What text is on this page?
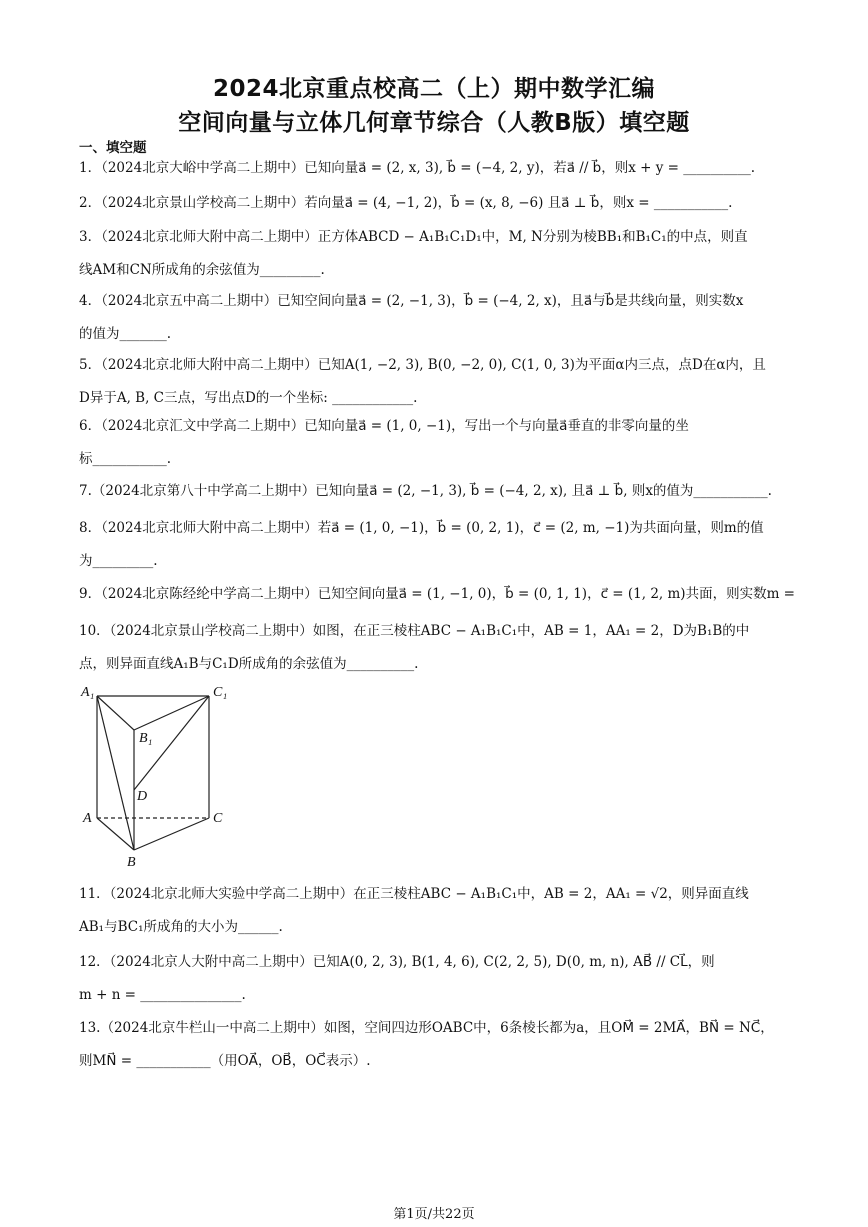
2024北京重点校高二（上）期中数学汇编
空间向量与立体几何章节综合（人教B版）填空题
一、填空题
1．（2024北京大峪中学高二上期中）已知向量a⃗ = (2, x, 3), b⃗ = (−4, 2, y)，若a⃗ // b⃗，则x + y = __________.
2．（2024北京景山学校高二上期中）若向量a⃗ = (4, −1, 2)，b⃗ = (x, 8, −6) 且a⃗ ⊥ b⃗，则x = ___________.
3．（2024北京北师大附中高二上期中）正方体ABCD − A₁B₁C₁D₁中，M, N分别为棱BB₁和B₁C₁的中点，则直
线AM和CN所成角的余弦值为_________.
4．（2024北京五中高二上期中）已知空间向量a⃗ = (2, −1, 3)，b⃗ = (−4, 2, x)，且a⃗与b⃗是共线向量，则实数x
的值为_______.
5．（2024北京北师大附中高二上期中）已知A(1, −2, 3), B(0, −2, 0), C(1, 0, 3)为平面α内三点，点D在α内，且
D异于A, B, C三点，写出点D的一个坐标: ____________.
6．（2024北京汇文中学高二上期中）已知向量a⃗ = (1, 0, −1)，写出一个与向量a⃗垂直的非零向量的坐
标___________.
7.（2024北京第八十中学高二上期中）已知向量a⃗ = (2, −1, 3), b⃗ = (−4, 2, x), 且a⃗ ⊥ b⃗, 则x的值为___________.
8．（2024北京北师大附中高二上期中）若a⃗ = (1, 0, −1)，b⃗ = (0, 2, 1)，c⃗ = (2, m, −1)为共面向量，则m的值
为_________.
9．（2024北京陈经纶中学高二上期中）已知空间向量a⃗ = (1, −1, 0)，b⃗ = (0, 1, 1)，c⃗ = (1, 2, m)共面，则实数m =
10．（2024北京景山学校高二上期中）如图，在正三棱柱ABC − A₁B₁C₁中，AB = 1，AA₁ = 2，D为B₁B的中
点，则异面直线A₁B与C₁D所成角的余弦值为__________.
A₁	C₁
B₁
D
A	C
B
11．（2024北京北师大实验中学高二上期中）在正三棱柱ABC − A₁B₁C₁中，AB = 2，AA₁ = √2，则异面直线
AB₁与BC₁所成角的大小为______.
12．（2024北京人大附中高二上期中）已知A(0, 2, 3), B(1, 4, 6), C(2, 2, 5), D(0, m, n), AB⃗ // CL⃗，则
m + n = _______________.
13.（2024北京牛栏山一中高二上期中）如图，空间四边形OABC中，6条棱长都为a，且OM⃗ = 2MA⃗，BN⃗ = NC⃗，
则MN⃗ = ___________（用OA⃗，OB⃗，OC⃗表示）.
第1页/共22页
